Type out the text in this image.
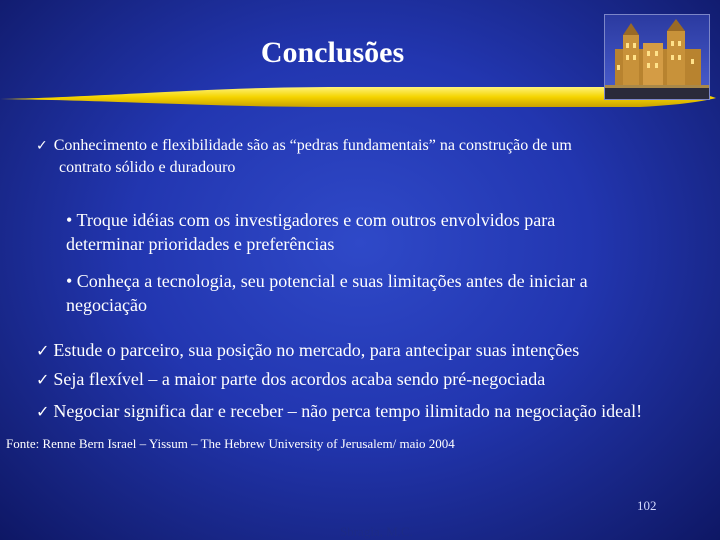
Conclusões
✓ Conhecimento e flexibilidade são as “pedras fundamentais” na construção de um
contrato sólido e duradouro
• Troque idéias com os investigadores e com outros envolvidos para
determinar prioridades e preferências
• Conheça a tecnologia, seu potencial e suas limitações antes de iniciar a
negociação
✓ Estude o parceiro, sua posição no mercado, para antecipar suas intenções
✓ Seja flexível – a maior parte dos acordos acaba sendo pré-negociada
✓ Negociar significa dar e receber – não perca tempo ilimitado na negociação ideal!
Fonte: Renne Bern Israel – Yissum – The Hebrew University of Jerusalem/ maio 2004
102
Sbragia, M.C.
